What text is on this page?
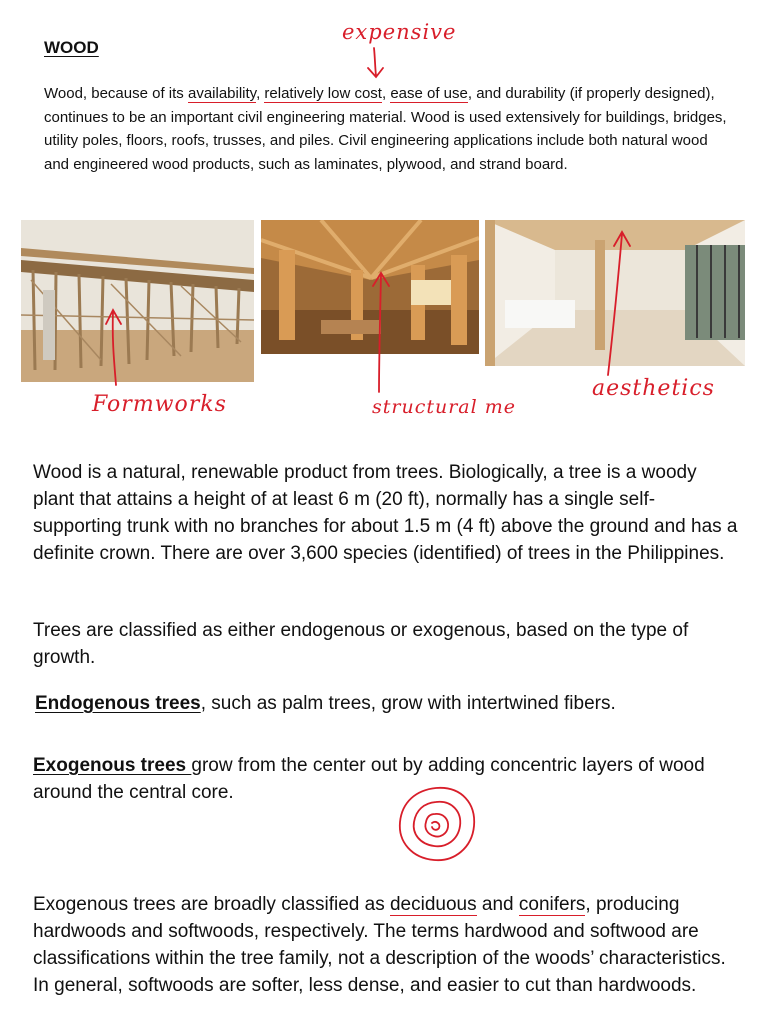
WOOD
expensive
Wood, because of its availability, relatively low cost, ease of use, and durability (if properly designed), continues to be an important civil engineering material. Wood is used extensively for buildings, bridges, utility poles, floors, roofs, trusses, and piles. Civil engineering applications include both natural wood and engineered wood products, such as laminates, plywood, and strand board.
Formworks	structural me
aesthetics
Wood is a natural, renewable product from trees. Biologically, a tree is a woody plant that attains a height of at least 6 m (20 ft), normally has a single self-supporting trunk with no branches for about 1.5 m (4 ft) above the ground and has a definite crown. There are over 3,600 species (identified) of trees in the Philippines.
Trees are classified as either endogenous or exogenous, based on the type of growth.
Endogenous trees, such as palm trees, grow with intertwined fibers.
Exogenous trees grow from the center out by adding concentric layers of wood around the central core.
Exogenous trees are broadly classified as deciduous and conifers, producing hardwoods and softwoods, respectively. The terms hardwood and softwood are classifications within the tree family, not a description of the woods’ characteristics. In general, softwoods are softer, less dense, and easier to cut than hardwoods.
